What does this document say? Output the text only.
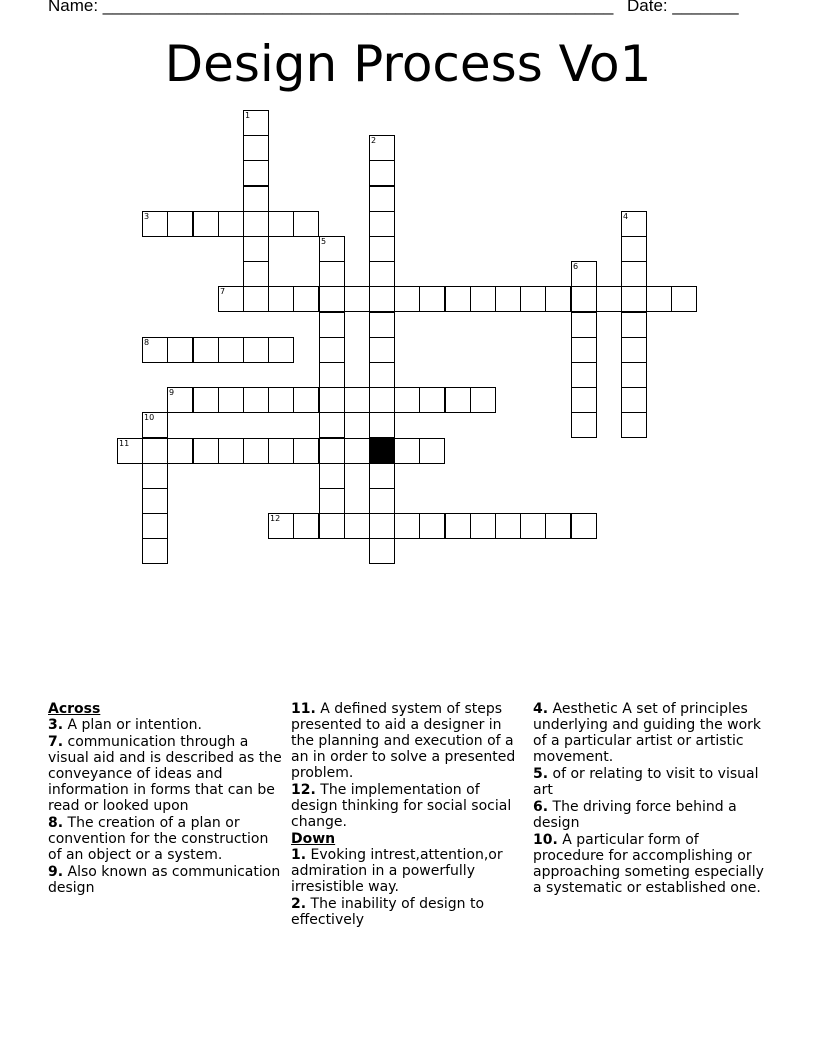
Name: ______________________________________________________ Date: _______
Design Process Vo1
1
2
3	4
5
6
7
8
9
10
11
12
Across
3. A plan or intention.
7. communication through a visual aid and is described as the conveyance of ideas and information in forms that can be read or looked upon
8. The creation of a plan or convention for the construction of an object or a system.
9. Also known as communication design
11. A defined system of steps presented to aid a designer in the planning and execution of a an in order to solve a presented problem.
12. The implementation of design thinking for social social change.
Down
1. Evoking intrest,attention,or admiration in a powerfully irresistible way.
2. The inability of design to effectively
4. Aesthetic A set of principles underlying and guiding the work of a particular artist or artistic movement.
5. of or relating to visit to visual art
6. The driving force behind a design
10. A particular form of procedure for accomplishing or approaching someting especially a systematic or established one.
